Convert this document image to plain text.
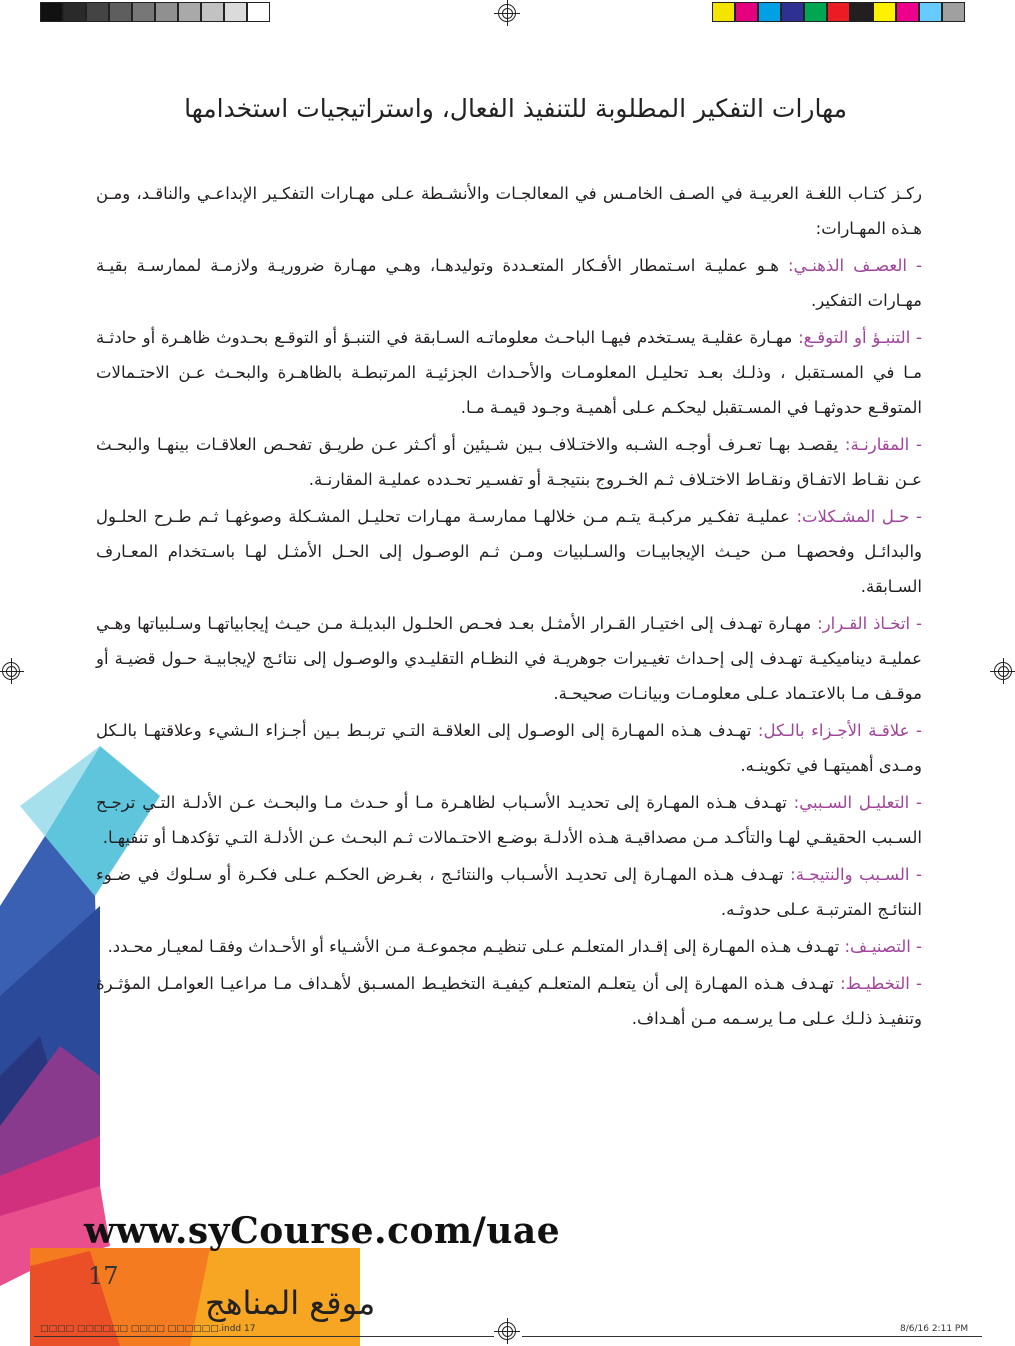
مهارات التفكير المطلوبة للتنفيذ الفعال، واستراتيجيات استخدامها

ركـز كتـاب اللغـة العربيـة في الصـف الخامـس في المعالجـات والأنشـطة عـلى مهـارات التفكـير الإبداعـي والناقـد، ومـن هـذه المهـارات:

- العصـف الذهنـي: هـو عمليـة اسـتمطار الأفـكار المتعـددة وتوليدهـا، وهـي مهـارة ضروريـة ولازمـة لممارسـة بقيـة مهـارات التفكير.

- التنبـؤ أو التوقـع: مهـارة عقليـة يسـتخدم فيهـا الباحـث معلوماتـه السـابقة في التنبـؤ أو التوقـع بحـدوث ظاهـرة أو حادثـة مـا في المسـتقبل ، وذلـك بعـد تحليـل المعلومـات والأحـداث الجزئيـة المرتبطـة بالظاهـرة والبحـث عـن الاحتـمالات المتوقـع حدوثهـا في المسـتقبل ليحكـم عـلى أهميـة وجـود قيمـة مـا.

- المقارنـة: يقصـد بهـا تعـرف أوجـه الشـبه والاختـلاف بـين شـيئين أو أكـثر عـن طريـق تفحـص العلاقـات بينهـا والبحـث عـن نقـاط الاتفـاق ونقـاط الاختـلاف ثـم الخـروج بنتيجـة أو تفسـير تحـدده عمليـة المقارنـة.

- حـل المشـكلات: عمليـة تفكـير مركبـة يتـم مـن خلالهـا ممارسـة مهـارات تحليـل المشـكلة وصوغهـا ثـم طـرح الحلـول والبدائـل وفحصهـا مـن حيـث الإيجابيـات والسـلبيات ومـن ثـم الوصـول إلى الحـل الأمثـل لهـا باسـتخدام المعـارف السـابقة.

- اتخـاذ القـرار: مهـارة تهـدف إلى اختيـار القـرار الأمثـل بعـد فحـص الحلـول البديلـة مـن حيـث إيجابياتهـا وسـلبياتها وهـي عمليـة ديناميكيـة تهـدف إلى إحـداث تغيـيرات جوهريـة في النظـام التقليـدي والوصـول إلى نتائـج لإيجابيـة حـول قضيـة أو موقـف مـا بالاعتـماد عـلى معلومـات وبيانـات صحيحـة.

- علاقـة الأجـزاء بالـكل: تهـدف هـذه المهـارة إلى الوصـول إلى العلاقـة التـي تربـط بـين أجـزاء الـشيء وعلاقتهـا بالـكل ومـدى أهميتهـا في تكوينـه.

- التعليـل السـببي: تهـدف هـذه المهـارة إلى تحديـد الأسـباب لظاهـرة مـا أو حـدث مـا والبحـث عـن الأدلـة التـي ترجـح السـبب الحقيقـي لهـا والتأكـد مـن مصداقيـة هـذه الأدلـة بوضـع الاحتـمالات ثـم البحـث عـن الأدلـة التـي تؤكدهـا أو تنفيهـا.

- السـبب والنتيجـة: تهـدف هـذه المهـارة إلى تحديـد الأسـباب والنتائـج ، بغـرض الحكـم عـلى فكـرة أو سـلوك في ضـوء النتائـج المترتبـة عـلى حدوثـه.

- التصنيـف: تهـدف هـذه المهـارة إلى إقـدار المتعلـم عـلى تنظيـم مجموعـة مـن الأشـياء أو الأحـداث وفقـا لمعيـار محـدد.

- التخطيـط: تهـدف هـذه المهـارة إلى أن يتعلـم المتعلـم كيفيـة التخطيـط المسـبق لأهـداف مـا مراعيـا العوامـل المؤثـرة وتنفيـذ ذلـك عـلى مـا يرسـمه مـن أهـداف.

www.syCourse.com/uae
17
موقع المناهج
□□□□ □□□□□□ □□□□ □□□□□□.indd 17	8/6/16 2:11 PM
